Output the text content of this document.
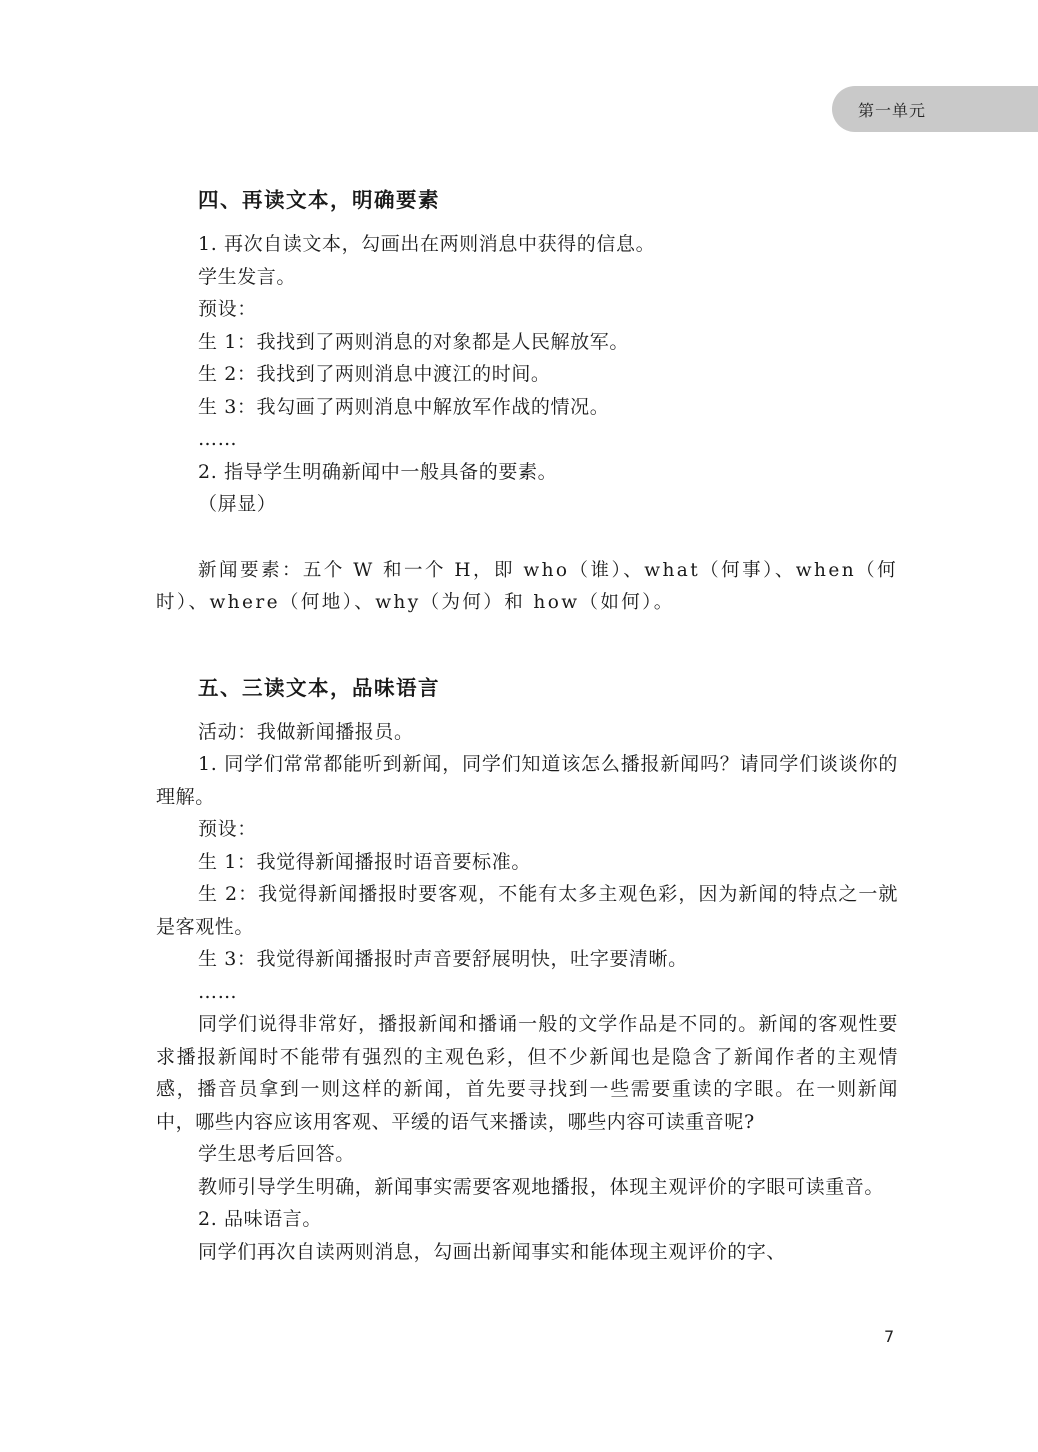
第一单元
四、再读文本，明确要素

1. 再次自读文本，勾画出在两则消息中获得的信息。

学生发言。

预设：

生 1：我找到了两则消息的对象都是人民解放军。

生 2：我找到了两则消息中渡江的时间。

生 3：我勾画了两则消息中解放军作战的情况。

……

2. 指导学生明确新闻中一般具备的要素。

（屏显）

新闻要素：五个 W 和一个 H，即 who（谁）、what（何事）、when（何时）、where（何地）、why（为何）和 how（如何）。

五、三读文本，品味语言

活动：我做新闻播报员。

1. 同学们常常都能听到新闻，同学们知道该怎么播报新闻吗？请同学们谈谈你的理解。

预设：

生 1：我觉得新闻播报时语音要标准。

生 2：我觉得新闻播报时要客观，不能有太多主观色彩，因为新闻的特点之一就是客观性。

生 3：我觉得新闻播报时声音要舒展明快，吐字要清晰。

……

同学们说得非常好，播报新闻和播诵一般的文学作品是不同的。新闻的客观性要求播报新闻时不能带有强烈的主观色彩，但不少新闻也是隐含了新闻作者的主观情感，播音员拿到一则这样的新闻，首先要寻找到一些需要重读的字眼。在一则新闻中，哪些内容应该用客观、平缓的语气来播读，哪些内容可读重音呢?

学生思考后回答。

教师引导学生明确，新闻事实需要客观地播报，体现主观评价的字眼可读重音。

2. 品味语言。

同学们再次自读两则消息，勾画出新闻事实和能体现主观评价的字、

7
